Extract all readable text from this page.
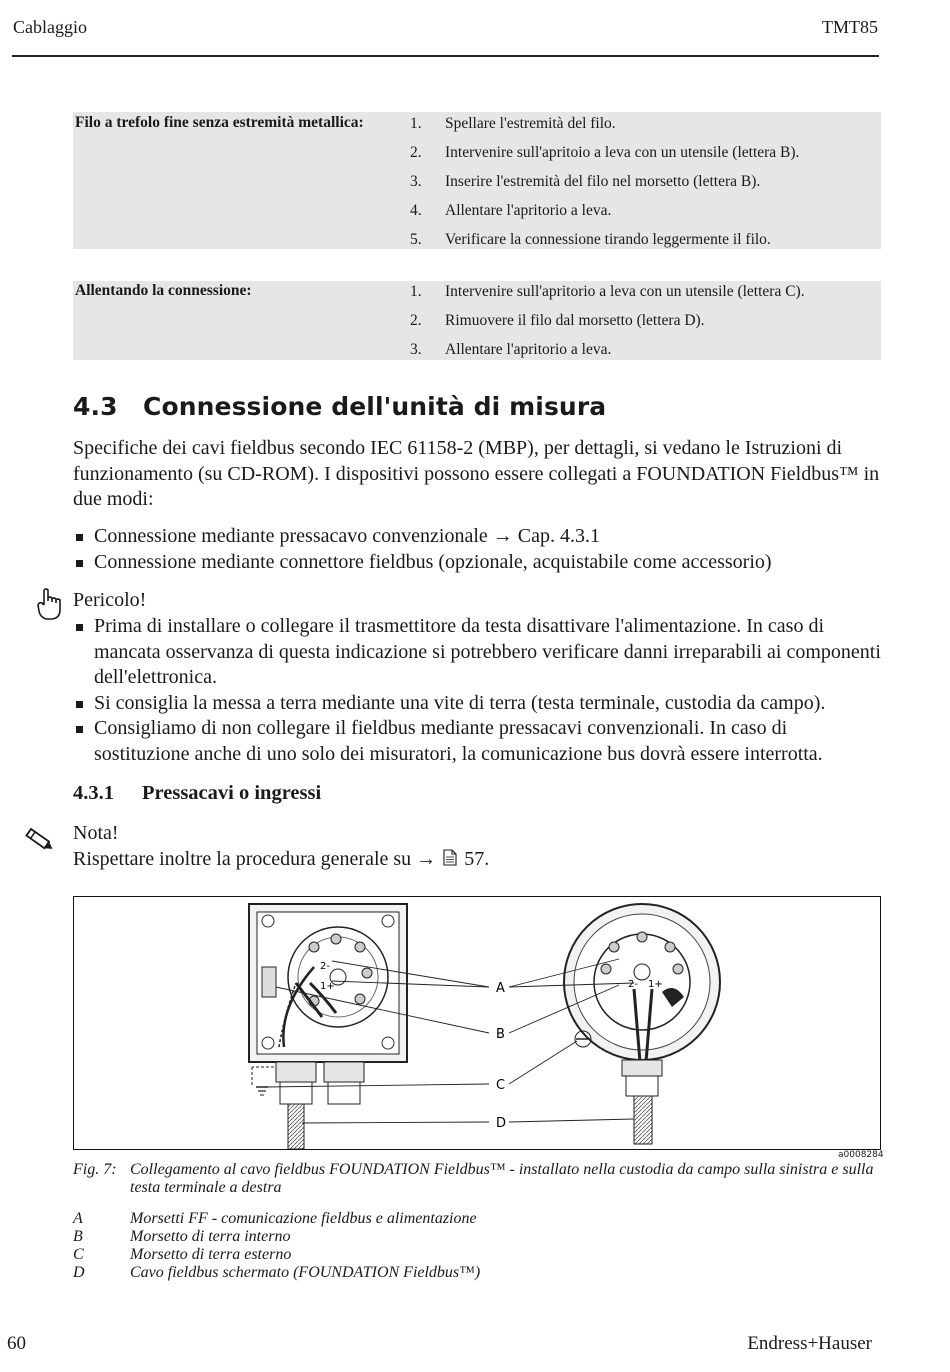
Cablaggio	TMT85
Filo a trefolo fine senza estremità metallica:	1. Spellare l'estremità del filo.
2. Intervenire sull'apritoio a leva con un utensile (lettera B).
3. Inserire l'estremità del filo nel morsetto (lettera B).
4. Allentare l'apritorio a leva.
5. Verificare la connessione tirando leggermente il filo.
Allentando la connessione:	1. Intervenire sull'apritorio a leva con un utensile (lettera C).
2. Rimuovere il filo dal morsetto (lettera D).
3. Allentare l'apritorio a leva.
4.3 Connessione dell'unità di misura
Specifiche dei cavi fieldbus secondo IEC 61158-2 (MBP), per dettagli, si vedano le Istruzioni di funzionamento (su CD-ROM). I dispositivi possono essere collegati a FOUNDATION Fieldbus™ in due modi:
Connessione mediante pressacavo convenzionale → Cap. 4.3.1
Connessione mediante connettore fieldbus (opzionale, acquistabile come accessorio)
Pericolo!
Prima di installare o collegare il trasmettitore da testa disattivare l'alimentazione. In caso di mancata osservanza di questa indicazione si potrebbero verificare danni irreparabili ai componenti dell'elettronica.
Si consiglia la messa a terra mediante una vite di terra (testa terminale, custodia da campo).
Consigliamo di non collegare il fieldbus mediante pressacavi convenzionali. In caso di sostituzione anche di uno solo dei misuratori, la comunicazione bus dovrà essere interrotta.
4.3.1 Pressacavi o ingressi
Nota!
Rispettare inoltre la procedura generale su → 57.
2-
1+	2- 1+
A
B
C
D
a0008284
Fig. 7: Collegamento al cavo fieldbus FOUNDATION Fieldbus™ - installato nella custodia da campo sulla sinistra e sulla testa terminale a destra
A	Morsetti FF - comunicazione fieldbus e alimentazione
B	Morsetto di terra interno
C	Morsetto di terra esterno
D	Cavo fieldbus schermato (FOUNDATION Fieldbus™)
60	Endress+Hauser
